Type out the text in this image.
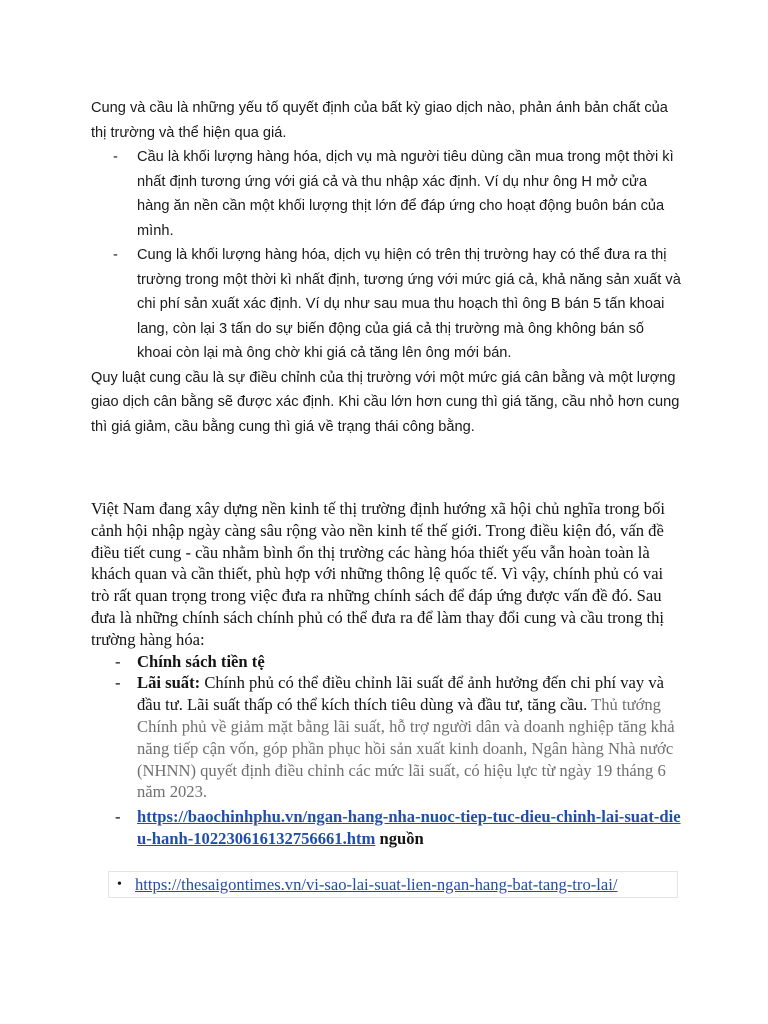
Cung và cầu là những yếu tố quyết định của bất kỳ giao dịch nào, phản ánh bản chất của thị trường và thể hiện qua giá.

- Cầu là khối lượng hàng hóa, dịch vụ mà người tiêu dùng cần mua trong một thời kì nhất định tương ứng với giá cả và thu nhập xác định. Ví dụ như ông H mở cửa hàng ăn nền cần một khối lượng thịt lớn để đáp ứng cho hoạt động buôn bán của mình.
- Cung là khối lượng hàng hóa, dịch vụ hiện có trên thị trường hay có thể đưa ra thị trường trong một thời kì nhất định, tương ứng với mức giá cả, khả năng sản xuất và chi phí sản xuất xác định. Ví dụ như sau mua thu hoạch thì ông B bán 5 tấn khoai lang, còn lại 3 tấn do sự biến động của giá cả thị trường mà ông không bán số khoai còn lại mà ông chờ khi giá cả tăng lên ông mới bán.

Quy luật cung cầu là sự điều chỉnh của thị trường với một mức giá cân bằng và một lượng giao dịch cân bằng sẽ được xác định. Khi cầu lớn hơn cung thì giá tăng, cầu nhỏ hơn cung thì giá giảm, cầu bằng cung thì giá về trạng thái công bằng.

Việt Nam đang xây dựng nền kinh tế thị trường định hướng xã hội chủ nghĩa trong bối cảnh hội nhập ngày càng sâu rộng vào nền kinh tế thế giới. Trong điều kiện đó, vấn đề điều tiết cung - cầu nhằm bình ổn thị trường các hàng hóa thiết yếu vẫn hoàn toàn là khách quan và cần thiết, phù hợp với những thông lệ quốc tế. Vì vậy, chính phủ có vai trò rất quan trọng trong việc đưa ra những chính sách để đáp ứng được vấn đề đó. Sau đưa là những chính sách chính phủ có thể đưa ra để làm thay đổi cung và cầu trong thị trường hàng hóa:

- Chính sách tiền tệ
- Lãi suất: Chính phủ có thể điều chỉnh lãi suất để ảnh hưởng đến chi phí vay và đầu tư. Lãi suất thấp có thể kích thích tiêu dùng và đầu tư, tăng cầu. Thủ tướng Chính phủ về giảm mặt bằng lãi suất, hỗ trợ người dân và doanh nghiệp tăng khả năng tiếp cận vốn, góp phần phục hồi sản xuất kinh doanh, Ngân hàng Nhà nước (NHNN) quyết định điều chỉnh các mức lãi suất, có hiệu lực từ ngày 19 tháng 6 năm 2023.
- https://baochinhphu.vn/ngan-hang-nha-nuoc-tiep-tuc-dieu-chinh-lai-suat-dieu-hanh-102230616132756661.htm nguồn
• https://thesaigontimes.vn/vi-sao-lai-suat-lien-ngan-hang-bat-tang-tro-lai/
